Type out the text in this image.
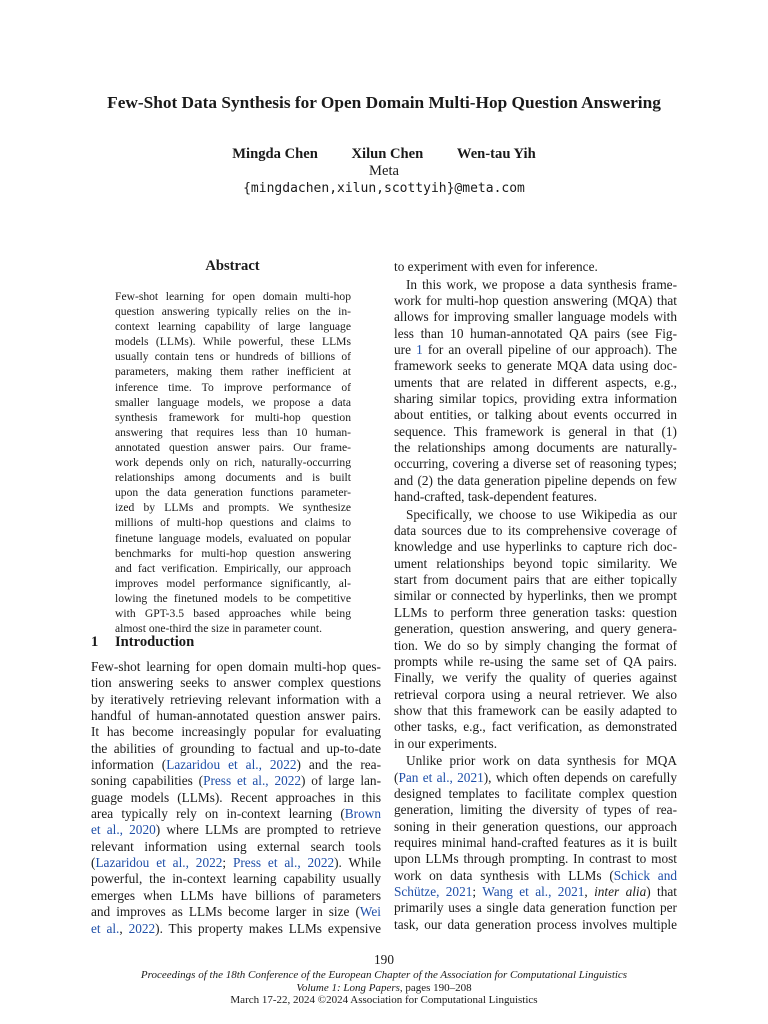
Few-Shot Data Synthesis for Open Domain Multi-Hop Question Answering
Mingda Chen Xilun Chen Wen-tau Yih
Meta
{mingdachen,xilun,scottyih}@meta.com
Abstract
Few-shot learning for open domain multi-hop
question answering typically relies on the in-
context learning capability of large language
models (LLMs). While powerful, these LLMs
usually contain tens or hundreds of billions of
parameters, making them rather inefficient at
inference time. To improve performance of
smaller language models, we propose a data
synthesis framework for multi-hop question
answering that requires less than 10 human-
annotated question answer pairs. Our frame-
work depends only on rich, naturally-occurring
relationships among documents and is built
upon the data generation functions parameter-
ized by LLMs and prompts. We synthesize
millions of multi-hop questions and claims to
finetune language models, evaluated on popular
benchmarks for multi-hop question answering
and fact verification. Empirically, our approach
improves model performance significantly, al-
lowing the finetuned models to be competitive
with GPT-3.5 based approaches while being
almost one-third the size in parameter count.
1 Introduction
Few-shot learning for open domain multi-hop ques-
tion answering seeks to answer complex questions
by iteratively retrieving relevant information with a
handful of human-annotated question answer pairs.
It has become increasingly popular for evaluating
the abilities of grounding to factual and up-to-date
information (Lazaridou et al., 2022) and the rea-
soning capabilities (Press et al., 2022) of large lan-
guage models (LLMs). Recent approaches in this
area typically rely on in-context learning (Brown
et al., 2020) where LLMs are prompted to retrieve
relevant information using external search tools
(Lazaridou et al., 2022; Press et al., 2022). While
powerful, the in-context learning capability usually
emerges when LLMs have billions of parameters
and improves as LLMs become larger in size (Wei
et al., 2022). This property makes LLMs expensive
to experiment with even for inference.
In this work, we propose a data synthesis frame-
work for multi-hop question answering (MQA) that
allows for improving smaller language models with
less than 10 human-annotated QA pairs (see Fig-
ure 1 for an overall pipeline of our approach). The
framework seeks to generate MQA data using doc-
uments that are related in different aspects, e.g.,
sharing similar topics, providing extra information
about entities, or talking about events occurred in
sequence. This framework is general in that (1)
the relationships among documents are naturally-
occurring, covering a diverse set of reasoning types;
and (2) the data generation pipeline depends on few
hand-crafted, task-dependent features.
Specifically, we choose to use Wikipedia as our
data sources due to its comprehensive coverage of
knowledge and use hyperlinks to capture rich doc-
ument relationships beyond topic similarity. We
start from document pairs that are either topically
similar or connected by hyperlinks, then we prompt
LLMs to perform three generation tasks: question
generation, question answering, and query genera-
tion. We do so by simply changing the format of
prompts while re-using the same set of QA pairs.
Finally, we verify the quality of queries against
retrieval corpora using a neural retriever. We also
show that this framework can be easily adapted to
other tasks, e.g., fact verification, as demonstrated
in our experiments.
Unlike prior work on data synthesis for MQA
(Pan et al., 2021), which often depends on carefully
designed templates to facilitate complex question
generation, limiting the diversity of types of rea-
soning in their generation questions, our approach
requires minimal hand-crafted features as it is built
upon LLMs through prompting. In contrast to most
work on data synthesis with LLMs (Schick and
Schütze, 2021; Wang et al., 2021, inter alia) that
primarily uses a single data generation function per
task, our data generation process involves multiple
190
Proceedings of the 18th Conference of the European Chapter of the Association for Computational Linguistics
Volume 1: Long Papers, pages 190–208
March 17-22, 2024 ©2024 Association for Computational Linguistics
